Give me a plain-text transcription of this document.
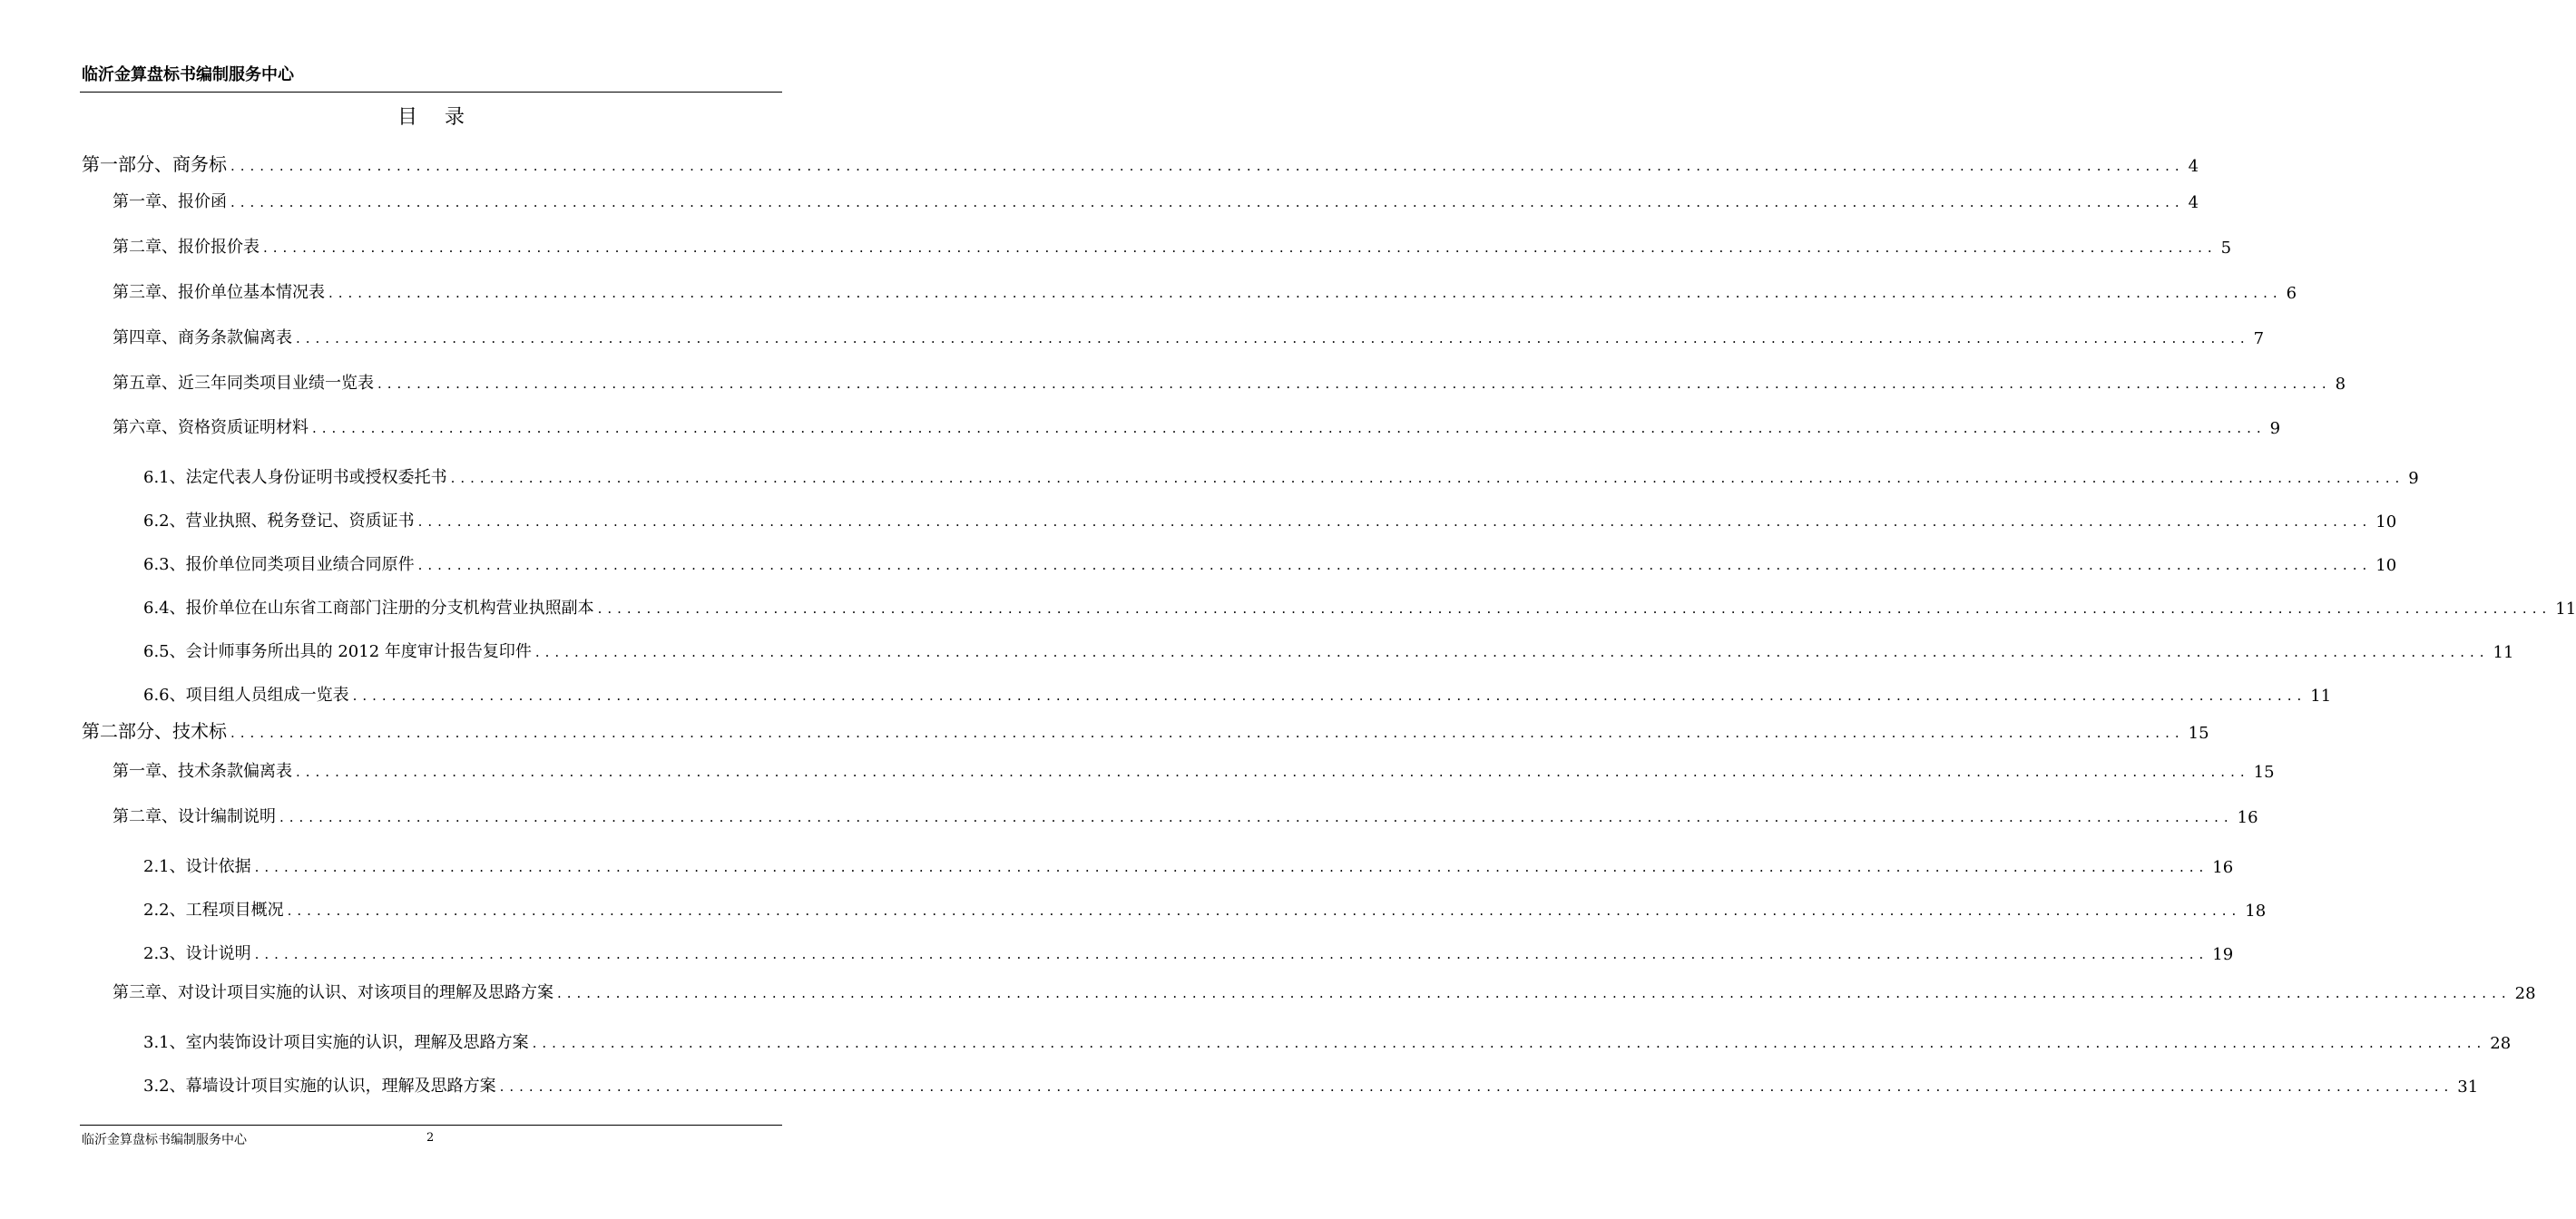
临沂金算盘标书编制服务中心
目录
第一部分、商务标 ........................................................................................................................................................................................................ 4
第一章、报价函 ........................................................................................................................................................................................................ 4
第二章、报价报价表 ........................................................................................................................................................................................................ 5
第三章、报价单位基本情况表 ........................................................................................................................................................................................................ 6
第四章、商务条款偏离表 ........................................................................................................................................................................................................ 7
第五章、近三年同类项目业绩一览表 ........................................................................................................................................................................................................ 8
第六章、资格资质证明材料 ........................................................................................................................................................................................................ 9
6.1、法定代表人身份证明书或授权委托书 ........................................................................................................................................................................................................ 9
6.2、营业执照、税务登记、资质证书 ........................................................................................................................................................................................................ 10
6.3、报价单位同类项目业绩合同原件 ........................................................................................................................................................................................................ 10
6.4、报价单位在山东省工商部门注册的分支机构营业执照副本 ........................................................................................................................................................................................................ 11
6.5、会计师事务所出具的 2012 年度审计报告复印件 ........................................................................................................................................................................................................ 11
6.6、项目组人员组成一览表 ........................................................................................................................................................................................................ 11
第二部分、技术标 ........................................................................................................................................................................................................ 15
第一章、技术条款偏离表 ........................................................................................................................................................................................................ 15
第二章、设计编制说明 ........................................................................................................................................................................................................ 16
2.1、设计依据 ........................................................................................................................................................................................................ 16
2.2、工程项目概况 ........................................................................................................................................................................................................ 18
2.3、设计说明 ........................................................................................................................................................................................................ 19
第三章、对设计项目实施的认识、对该项目的理解及思路方案 ........................................................................................................................................................................................................ 28
3.1、室内装饰设计项目实施的认识，理解及思路方案 ........................................................................................................................................................................................................ 28
3.2、幕墙设计项目实施的认识，理解及思路方案 ........................................................................................................................................................................................................ 31
临沂金算盘标书编制服务中心	2
